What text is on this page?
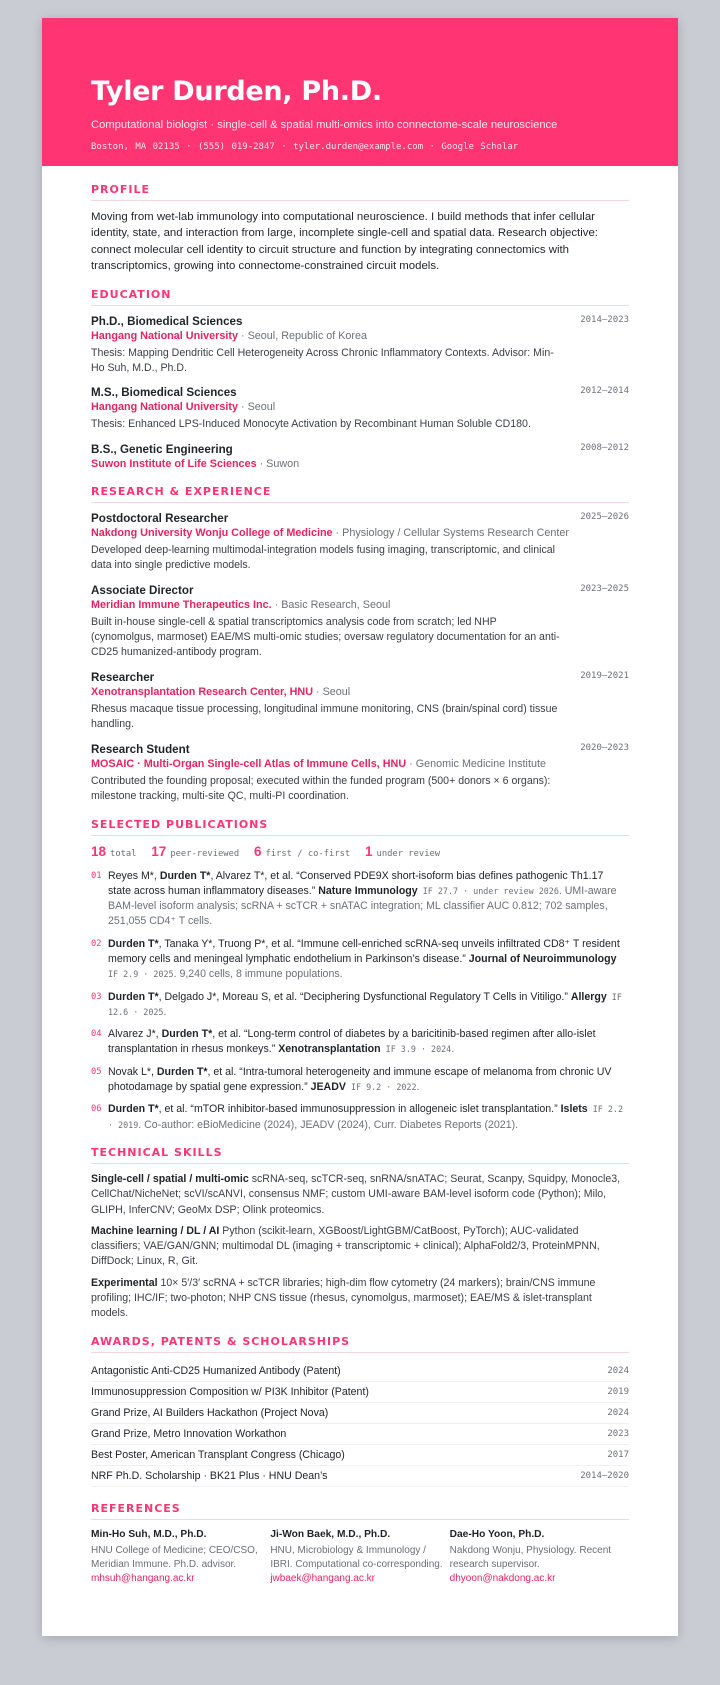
Tyler Durden, Ph.D.
Computational biologist · single-cell & spatial multi-omics into connectome-scale neuroscience
Boston, MA 02135 · (555) 019-2847 · tyler.durden@example.com · Google Scholar
PROFILE
Moving from wet-lab immunology into computational neuroscience. I build methods that infer cellular identity, state, and interaction from large, incomplete single-cell and spatial data. Research objective: connect molecular cell identity to circuit structure and function by integrating connectomics with transcriptomics, growing into connectome-constrained circuit models.
EDUCATION
Ph.D., Biomedical Sciences	2014–2023
Hangang National University · Seoul, Republic of Korea
Thesis: Mapping Dendritic Cell Heterogeneity Across Chronic Inflammatory Contexts. Advisor: Min-Ho Suh, M.D., Ph.D.
M.S., Biomedical Sciences	2012–2014
Hangang National University · Seoul
Thesis: Enhanced LPS-Induced Monocyte Activation by Recombinant Human Soluble CD180.
B.S., Genetic Engineering	2008–2012
Suwon Institute of Life Sciences · Suwon
RESEARCH & EXPERIENCE
Postdoctoral Researcher	2025–2026
Nakdong University Wonju College of Medicine · Physiology / Cellular Systems Research Center
Developed deep-learning multimodal-integration models fusing imaging, transcriptomic, and clinical data into single predictive models.
Associate Director	2023–2025
Meridian Immune Therapeutics Inc. · Basic Research, Seoul
Built in-house single-cell & spatial transcriptomics analysis code from scratch; led NHP (cynomolgus, marmoset) EAE/MS multi-omic studies; oversaw regulatory documentation for an anti-CD25 humanized-antibody program.
Researcher	2019–2021
Xenotransplantation Research Center, HNU · Seoul
Rhesus macaque tissue processing, longitudinal immune monitoring, CNS (brain/spinal cord) tissue handling.
Research Student	2020–2023
MOSAIC · Multi-Organ Single-cell Atlas of Immune Cells, HNU · Genomic Medicine Institute
Contributed the founding proposal; executed within the funded program (500+ donors × 6 organs): milestone tracking, multi-site QC, multi-PI coordination.
SELECTED PUBLICATIONS
18 total 17 peer-reviewed 6 first / co-first 1 under review
01 Reyes M*, Durden T*, Alvarez T*, et al. “Conserved PDE9X short-isoform bias defines pathogenic Th1.17 state across human inflammatory diseases.” Nature Immunology IF 27.7 · under review 2026. UMI-aware BAM-level isoform analysis; scRNA + scTCR + snATAC integration; ML classifier AUC 0.812; 702 samples, 251,055 CD4⁺ T cells.
02 Durden T*, Tanaka Y*, Truong P*, et al. “Immune cell-enriched scRNA-seq unveils infiltrated CD8⁺ T resident memory cells and meningeal lymphatic endothelium in Parkinson’s disease.” Journal of Neuroimmunology IF 2.9 · 2025. 9,240 cells, 8 immune populations.
03 Durden T*, Delgado J*, Moreau S, et al. “Deciphering Dysfunctional Regulatory T Cells in Vitiligo.” Allergy IF 12.6 · 2025.
04 Alvarez J*, Durden T*, et al. “Long-term control of diabetes by a baricitinib-based regimen after allo-islet transplantation in rhesus monkeys.” Xenotransplantation IF 3.9 · 2024.
05 Novak L*, Durden T*, et al. “Intra-tumoral heterogeneity and immune escape of melanoma from chronic UV photodamage by spatial gene expression.” JEADV IF 9.2 · 2022.
06 Durden T*, et al. “mTOR inhibitor-based immunosuppression in allogeneic islet transplantation.” Islets IF 2.2 · 2019. Co-author: eBioMedicine (2024), JEADV (2024), Curr. Diabetes Reports (2021).
TECHNICAL SKILLS
Single-cell / spatial / multi-omic scRNA-seq, scTCR-seq, snRNA/snATAC; Seurat, Scanpy, Squidpy, Monocle3, CellChat/NicheNet; scVI/scANVI, consensus NMF; custom UMI-aware BAM-level isoform code (Python); Milo, GLIPH, InferCNV; GeoMx DSP; Olink proteomics.
Machine learning / DL / AI Python (scikit-learn, XGBoost/LightGBM/CatBoost, PyTorch); AUC-validated classifiers; VAE/GAN/GNN; multimodal DL (imaging + transcriptomic + clinical); AlphaFold2/3, ProteinMPNN, DiffDock; Linux, R, Git.
Experimental 10× 5′/3′ scRNA + scTCR libraries; high-dim flow cytometry (24 markers); brain/CNS immune profiling; IHC/IF; two-photon; NHP CNS tissue (rhesus, cynomolgus, marmoset); EAE/MS & islet-transplant models.
AWARDS, PATENTS & SCHOLARSHIPS
Antagonistic Anti-CD25 Humanized Antibody (Patent)	2024
Immunosuppression Composition w/ PI3K Inhibitor (Patent)	2019
Grand Prize, AI Builders Hackathon (Project Nova)	2024
Grand Prize, Metro Innovation Workathon	2023
Best Poster, American Transplant Congress (Chicago)	2017
NRF Ph.D. Scholarship · BK21 Plus · HNU Dean’s	2014–2020
REFERENCES
Min-Ho Suh, M.D., Ph.D.
HNU College of Medicine; CEO/CSO, Meridian Immune. Ph.D. advisor.
mhsuh@hangang.ac.kr
Ji-Won Baek, M.D., Ph.D.
HNU, Microbiology & Immunology / IBRI. Computational co-corresponding.
jwbaek@hangang.ac.kr
Dae-Ho Yoon, Ph.D.
Nakdong Wonju, Physiology. Recent research supervisor.
dhyoon@nakdong.ac.kr
